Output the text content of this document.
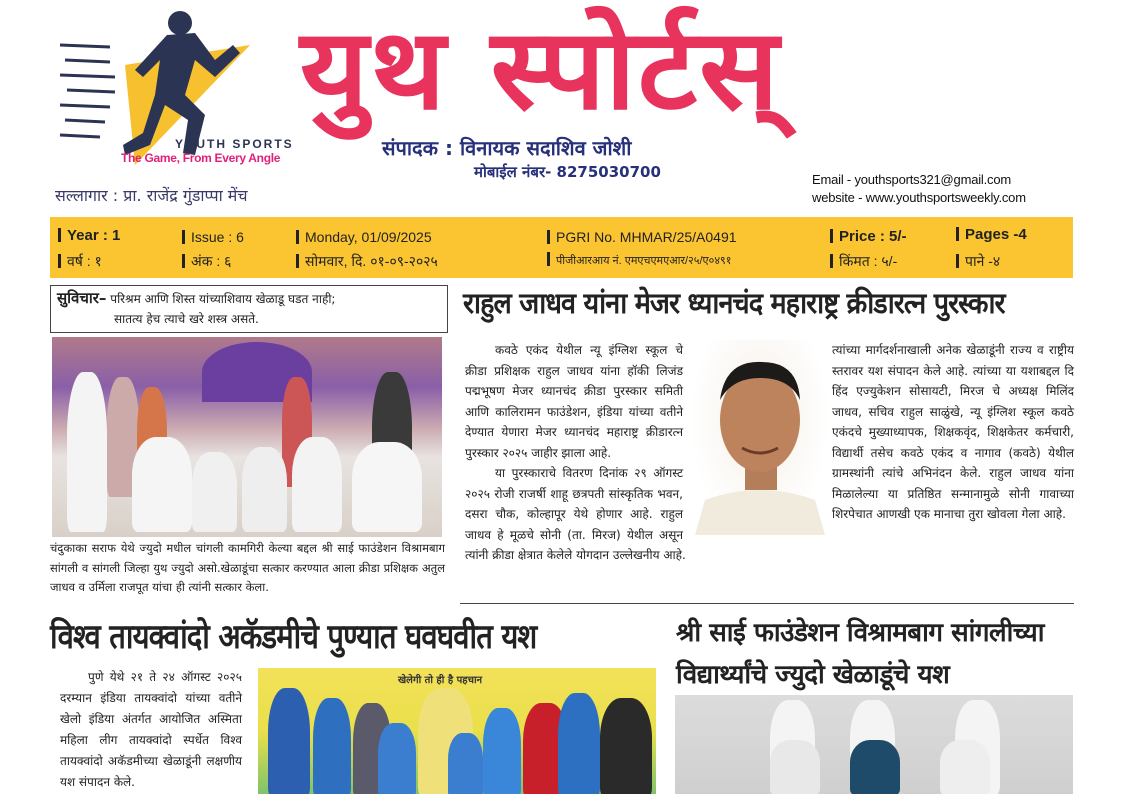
YOUTH SPORTS
The Game, From Every Angle
युथ स्पोर्टस्
संपादक : विनायक सदाशिव जोशी
मोबाईल नंबर- 8275030700
सल्लागार : प्रा. राजेंद्र गुंडाप्पा मेंच
Email - youthsports321@gmail.com
website - www.youthsportsweekly.com
Year : 1
वर्ष : १
Issue : 6
अंक : ६
Monday, 01/09/2025
सोमवार, दि. ०१-०९-२०२५
PGRI No. MHMAR/25/A0491
पीजीआरआय नं. एमएचएमएआर/२५/ए०४९१
Price : 5/-
किंमत : ५/-
Pages -4
पाने -४
सुविचार– परिश्रम आणि शिस्त यांच्याशिवाय खेळाडू घडत नाही;
सातत्य हेच त्याचे खरे शस्त्र असते.	राहुल जाधव यांना मेजर ध्यानचंद महाराष्ट्र क्रीडारत्न पुरस्कार
चंदुकाका सराफ येथे ज्युदो मधील चांगली कामगिरी केल्या बद्दल श्री साई फाउंडेशन विश्रामबाग सांगली व सांगली जिल्हा युथ ज्युदो असो.खेळाडूंचा सत्कार करण्यात आला क्रीडा प्रशिक्षक अतुल जाधव व उर्मिला राजपूत यांचा ही त्यांनी सत्कार केला.

कवठे एकंद येथील न्यू इंग्लिश स्कूल चे क्रीडा प्रशिक्षक राहुल जाधव यांना हॉकी लिजंड पद्मभूषण मेजर ध्यानचंद क्रीडा पुरस्कार समिती आणि कालिरामन फाउंडेशन, इंडिया यांच्या वतीने देण्यात येणारा मेजर ध्यानचंद महाराष्ट्र क्रीडारत्न पुरस्कार २०२५ जाहीर झाला आहे.

या पुरस्काराचे वितरण दिनांक २९ ऑगस्ट २०२५ रोजी राजर्षी शाहू छत्रपती सांस्कृतिक भवन, दसरा चौक, कोल्हापूर येथे होणार आहे. राहुल जाधव हे मूळचे सोनी (ता. मिरज) येथील असून त्यांनी क्रीडा क्षेत्रात केलेले योगदान उल्लेखनीय आहे.

त्यांच्या मार्गदर्शनाखाली अनेक खेळाडूंनी राज्य व राष्ट्रीय स्तरावर यश संपादन केले आहे. त्यांच्या या यशाबद्दल दि हिंद एज्युकेशन सोसायटी, मिरज चे अध्यक्ष मिलिंद जाधव, सचिव राहुल साळुंखे, न्यू इंग्लिश स्कूल कवठे एकंदचे मुख्याध्यापक, शिक्षकवृंद, शिक्षकेतर कर्मचारी, विद्यार्थी तसेच कवठे एकंद व नागाव (कवठे) येथील ग्रामस्थांनी त्यांचे अभिनंदन केले. राहुल जाधव यांना मिळालेल्या या प्रतिष्ठित सन्मानामुळे सोनी गावाच्या शिरपेचात आणखी एक मानाचा तुरा खोवला गेला आहे.
विश्व तायक्वांदो अकॅडमीचे पुण्यात घवघवीत यश

पुणे येथे २१ ते २४ ऑगस्ट २०२५ दरम्यान इंडिया तायक्वांदो यांच्या वतीने खेलो इंडिया अंतर्गत आयोजित अस्मिता महिला लीग तायक्वांदो स्पर्धेत विश्व तायक्वांदो अकॅडमीच्या खेळाडूंनी लक्षणीय यश संपादन केले.

खेलेगी तो ही है पहचान
श्री साई फाउंडेशन विश्रामबाग सांगलीच्या विद्यार्थ्यांचे ज्युदो खेळाडूंचे यश
